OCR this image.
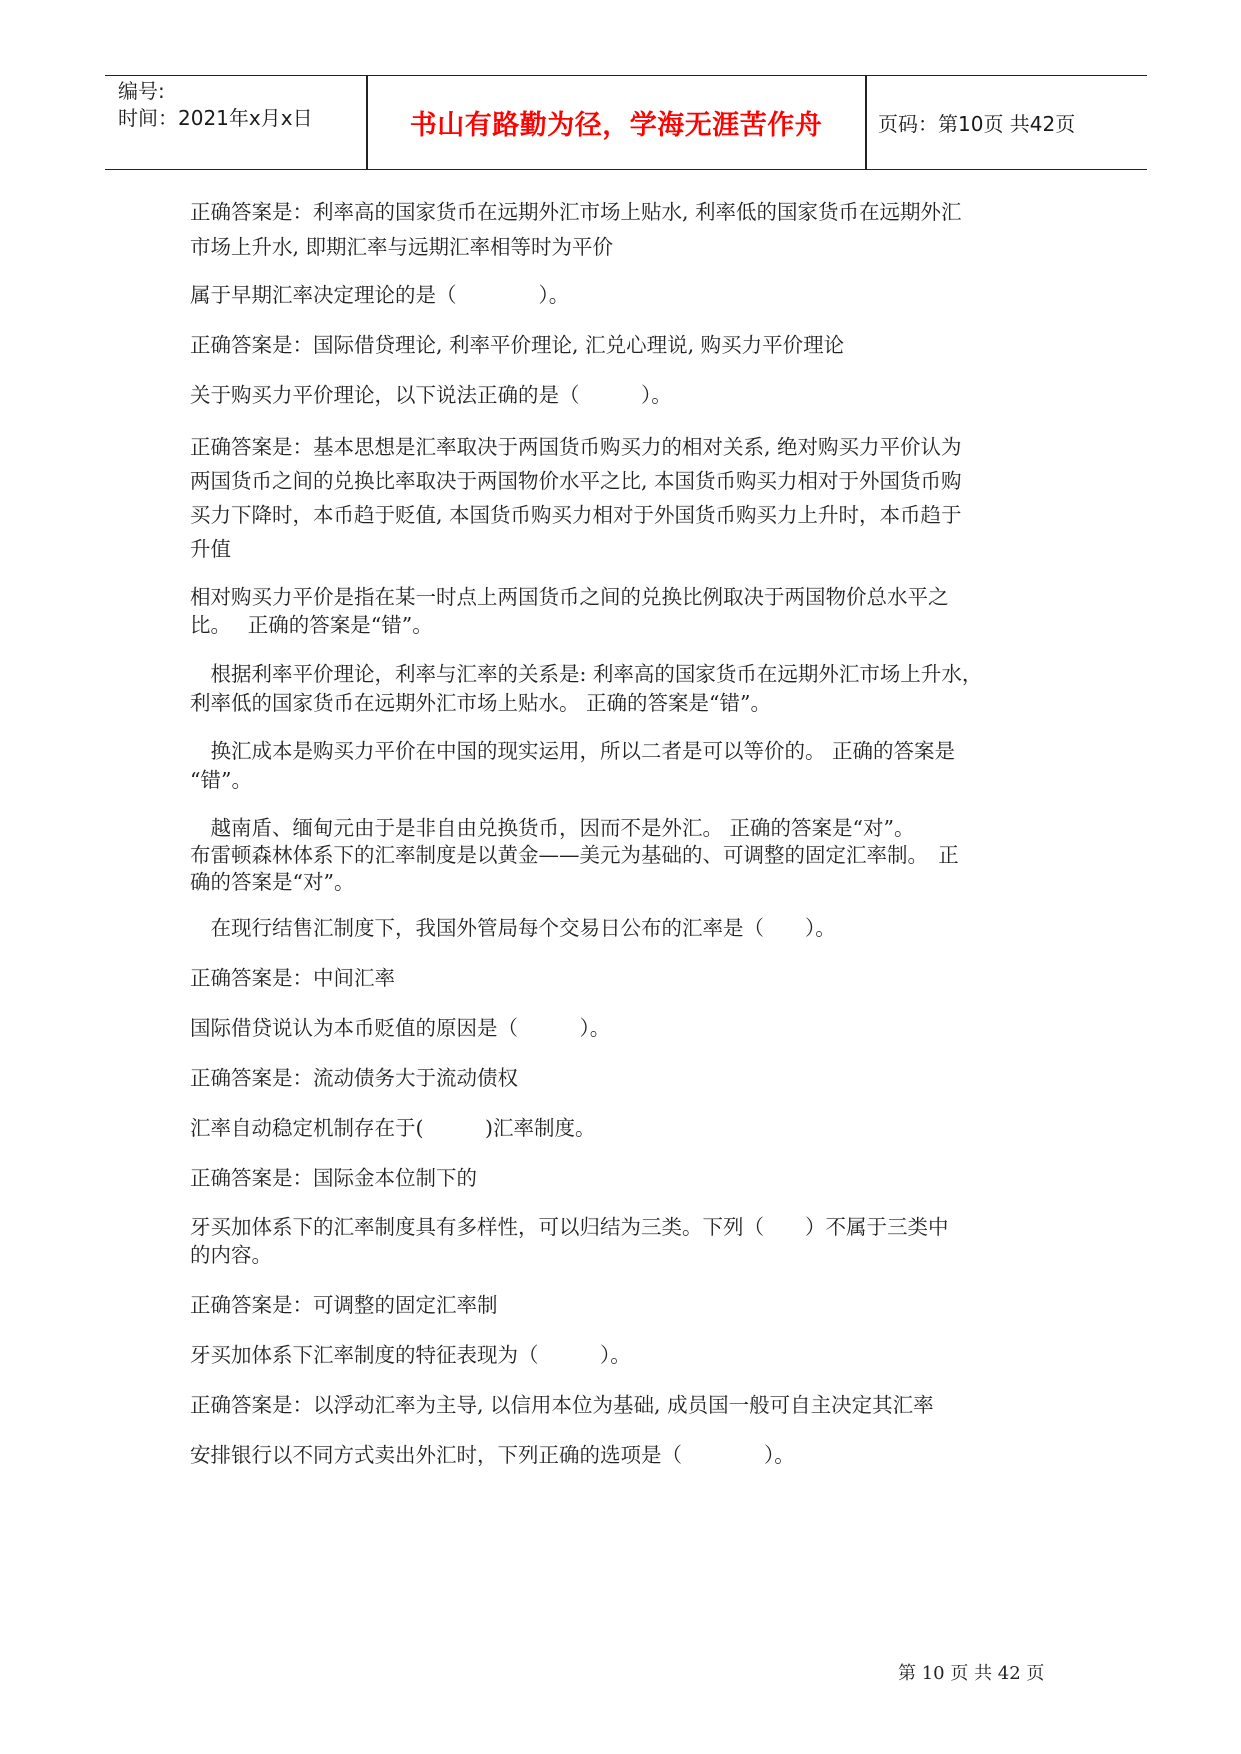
编号:
时间：2021年x月x日	书山有路勤为径，学海无涯苦作舟	页码：第10页 共42页
正确答案是：利率高的国家货币在远期外汇市场上贴水, 利率低的国家货币在远期外汇
市场上升水, 即期汇率与远期汇率相等时为平价
属于早期汇率决定理论的是（　　　　）。
正确答案是：国际借贷理论, 利率平价理论, 汇兑心理说, 购买力平价理论
关于购买力平价理论，以下说法正确的是（　　　）。
正确答案是：基本思想是汇率取决于两国货币购买力的相对关系, 绝对购买力平价认为
两国货币之间的兑换比率取决于两国物价水平之比, 本国货币购买力相对于外国货币购
买力下降时，本币趋于贬值, 本国货币购买力相对于外国货币购买力上升时，本币趋于
升值
相对购买力平价是指在某一时点上两国货币之间的兑换比例取决于两国物价总水平之
比。　 正确的答案是“错”。
　根据利率平价理论，利率与汇率的关系是: 利率高的国家货币在远期外汇市场上升水，
利率低的国家货币在远期外汇市场上贴水。 正确的答案是“错”。
　换汇成本是购买力平价在中国的现实运用，所以二者是可以等价的。 正确的答案是
“错”。
　越南盾、缅甸元由于是非自由兑换货币，因而不是外汇。 正确的答案是“对”。
布雷顿森林体系下的汇率制度是以黄金——美元为基础的、可调整的固定汇率制。　正
确的答案是“对”。
　在现行结售汇制度下，我国外管局每个交易日公布的汇率是（　　）。
正确答案是：中间汇率
国际借贷说认为本币贬值的原因是（　　　）。
正确答案是：流动债务大于流动债权
汇率自动稳定机制存在于(　　　)汇率制度。
正确答案是：国际金本位制下的
牙买加体系下的汇率制度具有多样性，可以归结为三类。下列（　　）不属于三类中
的内容。
正确答案是：可调整的固定汇率制
牙买加体系下汇率制度的特征表现为（　　　）。
正确答案是：以浮动汇率为主导, 以信用本位为基础, 成员国一般可自主决定其汇率
安排银行以不同方式卖出外汇时，下列正确的选项是（　　　　）。
第 10 页 共 42 页
